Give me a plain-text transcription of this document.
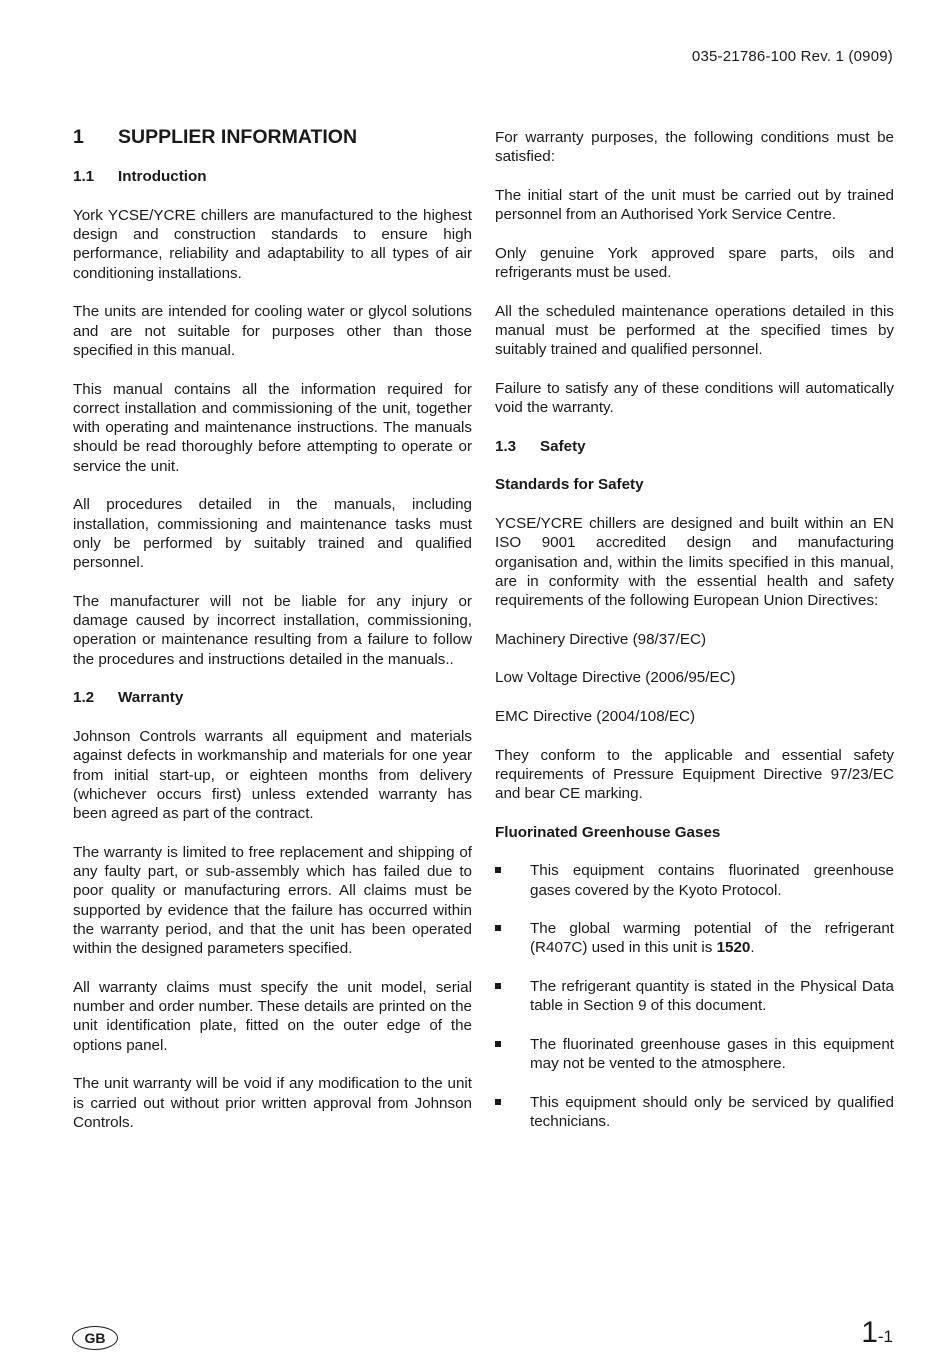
035-21786-100 Rev. 1 (0909)
1	SUPPLIER INFORMATION
1.1	Introduction

York YCSE/YCRE chillers are manufactured to the highest design and construction standards to ensure high performance, reliability and adaptability to all types of air conditioning installations.

The units are intended for cooling water or glycol solutions and are not suitable for purposes other than those specified in this manual.

This manual contains all the information required for correct installation and commissioning of the unit, together with operating and maintenance instructions. The manuals should be read thoroughly before attempting to operate or service the unit.

All procedures detailed in the manuals, including installation, commissioning and maintenance tasks must only be performed by suitably trained and qualified personnel.

The manufacturer will not be liable for any injury or damage caused by incorrect installation, commissioning, operation or maintenance resulting from a failure to follow the procedures and instructions detailed in the manuals..

1.2	Warranty

Johnson Controls warrants all equipment and materials against defects in workmanship and materials for one year from initial start-up, or eighteen months from delivery (whichever occurs first) unless extended warranty has been agreed as part of the contract.

The warranty is limited to free replacement and shipping of any faulty part, or sub-assembly which has failed due to poor quality or manufacturing errors. All claims must be supported by evidence that the failure has occurred within the warranty period, and that the unit has been operated within the designed parameters specified.

All warranty claims must specify the unit model, serial number and order number. These details are printed on the unit identification plate, fitted on the outer edge of the options panel.

The unit warranty will be void if any modification to the unit is carried out without prior written approval from Johnson Controls.

For warranty purposes, the following conditions must be satisfied:

The initial start of the unit must be carried out by trained personnel from an Authorised York Service Centre.

Only genuine York approved spare parts, oils and refrigerants must be used.

All the scheduled maintenance operations detailed in this manual must be performed at the specified times by suitably trained and qualified personnel.

Failure to satisfy any of these conditions will automatically void the warranty.

1.3	Safety
Standards for Safety

YCSE/YCRE chillers are designed and built within an EN ISO 9001 accredited design and manufacturing organisation and, within the limits specified in this manual, are in conformity with the essential health and safety requirements of the following European Union Directives:

Machinery Directive (98/37/EC)

Low Voltage Directive (2006/95/EC)

EMC Directive (2004/108/EC)

They conform to the applicable and essential safety requirements of Pressure Equipment Directive 97/23/EC and bear CE marking.

Fluorinated Greenhouse Gases
This equipment contains fluorinated greenhouse gases covered by the Kyoto Protocol.
The global warming potential of the refrigerant (R407C) used in this unit is 1520.
The refrigerant quantity is stated in the Physical Data table in Section 9 of this document.
The fluorinated greenhouse gases in this equipment may not be vented to the atmosphere.
This equipment should only be serviced by qualified technicians.
GB	1-1
